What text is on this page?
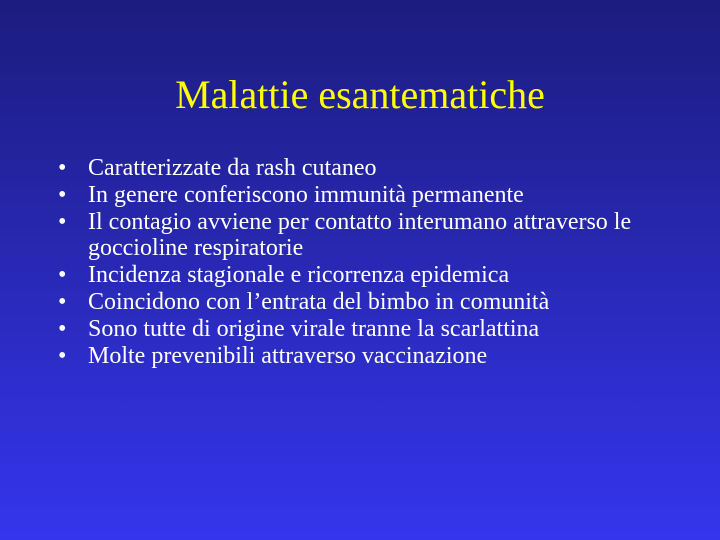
Malattie esantematiche
• Caratterizzate da rash cutaneo
• In genere conferiscono immunità permanente
• Il contagio avviene per contatto interumano attraverso le goccioline respiratorie
• Incidenza stagionale e ricorrenza epidemica
• Coincidono con l’entrata del bimbo in comunità
• Sono tutte di origine virale tranne la scarlattina
• Molte prevenibili attraverso vaccinazione
